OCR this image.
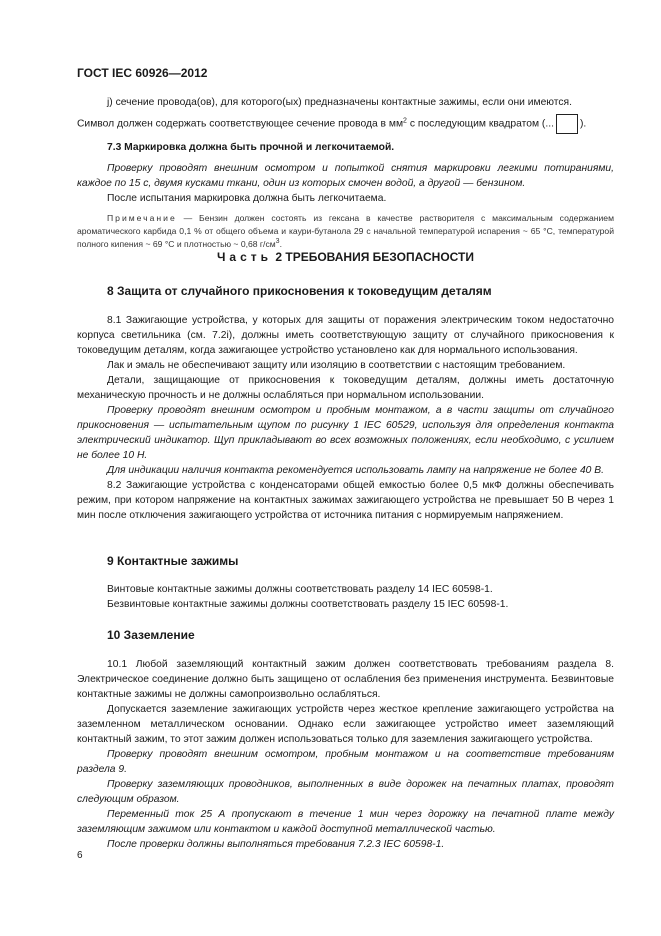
ГОСТ IEC 60926—2012

j) сечение провода(ов), для которого(ых) предназначены контактные зажимы, если они имеются.

Символ должен содержать соответствующее сечение провода в $мм^2$ с последующим квадратом (...	).

7.3 Маркировка должна быть прочной и легкочитаемой.

Проверку проводят внешним осмотром и попыткой снятия маркировки легкими потираниями, каждое по 15 с, двумя кусками ткани, один из которых смочен водой, а другой — бензином.

После испытания маркировка должна быть легкочитаема.

Примечание — Бензин должен состоять из гексана в качестве растворителя с максимальным содержанием ароматического карбида 0,1 % от общего объема и каури-бутанола 29 с начальной температурой испарения ~ 65 °С, температурой полного кипения ~ 69 °С и плотностью ~ 0,68 $г/см^3$.

Часть 2 ТРЕБОВАНИЯ БЕЗОПАСНОСТИ
8 Защита от случайного прикосновения к токоведущим деталям

8.1 Зажигающие устройства, у которых для защиты от поражения электрическим током недостаточно корпуса светильника (см. 7.2i), должны иметь соответствующую защиту от случайного прикосновения к токоведущим деталям, когда зажигающее устройство установлено как для нормального использования.

Лак и эмаль не обеспечивают защиту или изоляцию в соответствии с настоящим требованием.

Детали, защищающие от прикосновения к токоведущим деталям, должны иметь достаточную механическую прочность и не должны ослабляться при нормальном использовании.

Проверку проводят внешним осмотром и пробным монтажом, а в части защиты от случайного прикосновения — испытательным щупом по рисунку 1 IEC 60529, используя для определения контакта электрический индикатор. Щуп прикладывают во всех возможных положениях, если необходимо, с усилием не более 10 Н.

Для индикации наличия контакта рекомендуется использовать лампу на напряжение не более 40 В.

8.2 Зажигающие устройства с конденсаторами общей емкостью более 0,5 мкФ должны обеспечивать режим, при котором напряжение на контактных зажимах зажигающего устройства не превышает 50 В через 1 мин после отключения зажигающего устройства от источника питания с нормируемым напряжением.

9 Контактные зажимы

Винтовые контактные зажимы должны соответствовать разделу 14 IEC 60598-1.

Безвинтовые контактные зажимы должны соответствовать разделу 15 IEC 60598-1.

10 Заземление

10.1 Любой заземляющий контактный зажим должен соответствовать требованиям раздела 8. Электрическое соединение должно быть защищено от ослабления без применения инструмента. Безвинтовые контактные зажимы не должны самопроизвольно ослабляться.

Допускается заземление зажигающих устройств через жесткое крепление зажигающего устройства на заземленном металлическом основании. Однако если зажигающее устройство имеет заземляющий контактный зажим, то этот зажим должен использоваться только для заземления зажигающего устройства.

Проверку проводят внешним осмотром, пробным монтажом и на соответствие требованиям раздела 9.

Проверку заземляющих проводников, выполненных в виде дорожек на печатных платах, проводят следующим образом.

Переменный ток 25 А пропускают в течение 1 мин через дорожку на печатной плате между заземляющим зажимом или контактом и каждой доступной металлической частью.

После проверки должны выполняться требования 7.2.3 IEC 60598-1.

6
